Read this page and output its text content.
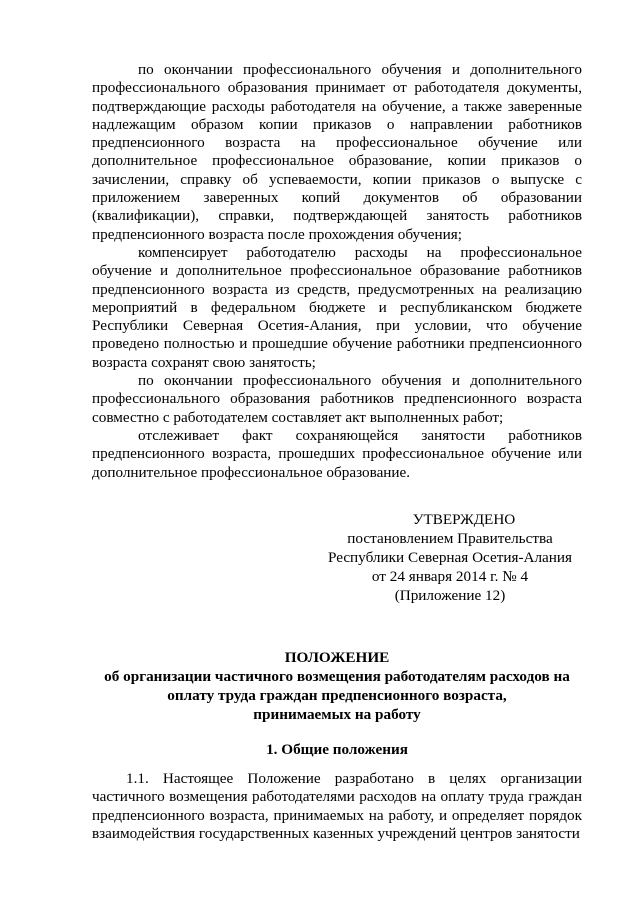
по окончании профессионального обучения и дополнительного профессионального образования принимает от работодателя документы, подтверждающие расходы работодателя на обучение, а также заверенные надлежащим образом копии приказов о направлении работников предпенсионного возраста на профессиональное обучение или дополнительное профессиональное образование, копии приказов о зачислении, справку об успеваемости, копии приказов о выпуске с приложением заверенных копий документов об образовании (квалификации), справки, подтверждающей занятость работников предпенсионного возраста после прохождения обучения;

компенсирует работодателю расходы на профессиональное обучение и дополнительное профессиональное образование работников предпенсионного возраста из средств, предусмотренных на реализацию мероприятий в федеральном бюджете и республиканском бюджете Республики Северная Осетия-Алания, при условии, что обучение проведено полностью и прошедшие обучение работники предпенсионного возраста сохранят свою занятость;

по окончании профессионального обучения и дополнительного профессионального образования работников предпенсионного возраста совместно с работодателем составляет акт выполненных работ;

отслеживает факт сохраняющейся занятости работников предпенсионного возраста, прошедших профессиональное обучение или дополнительное профессиональное образование.

УТВЕРЖДЕНО
постановлением Правительства
Республики Северная Осетия-Алания
от 24 января 2014 г. № 4
(Приложение 12)
ПОЛОЖЕНИЕ
об организации частичного возмещения работодателям расходов на
оплату труда граждан предпенсионного возраста,
принимаемых на работу
1. Общие положения

1.1. Настоящее Положение разработано в целях организации частичного возмещения работодателями расходов на оплату труда граждан предпенсионного возраста, принимаемых на работу, и определяет порядок взаимодействия государственных казенных учреждений центров занятости
